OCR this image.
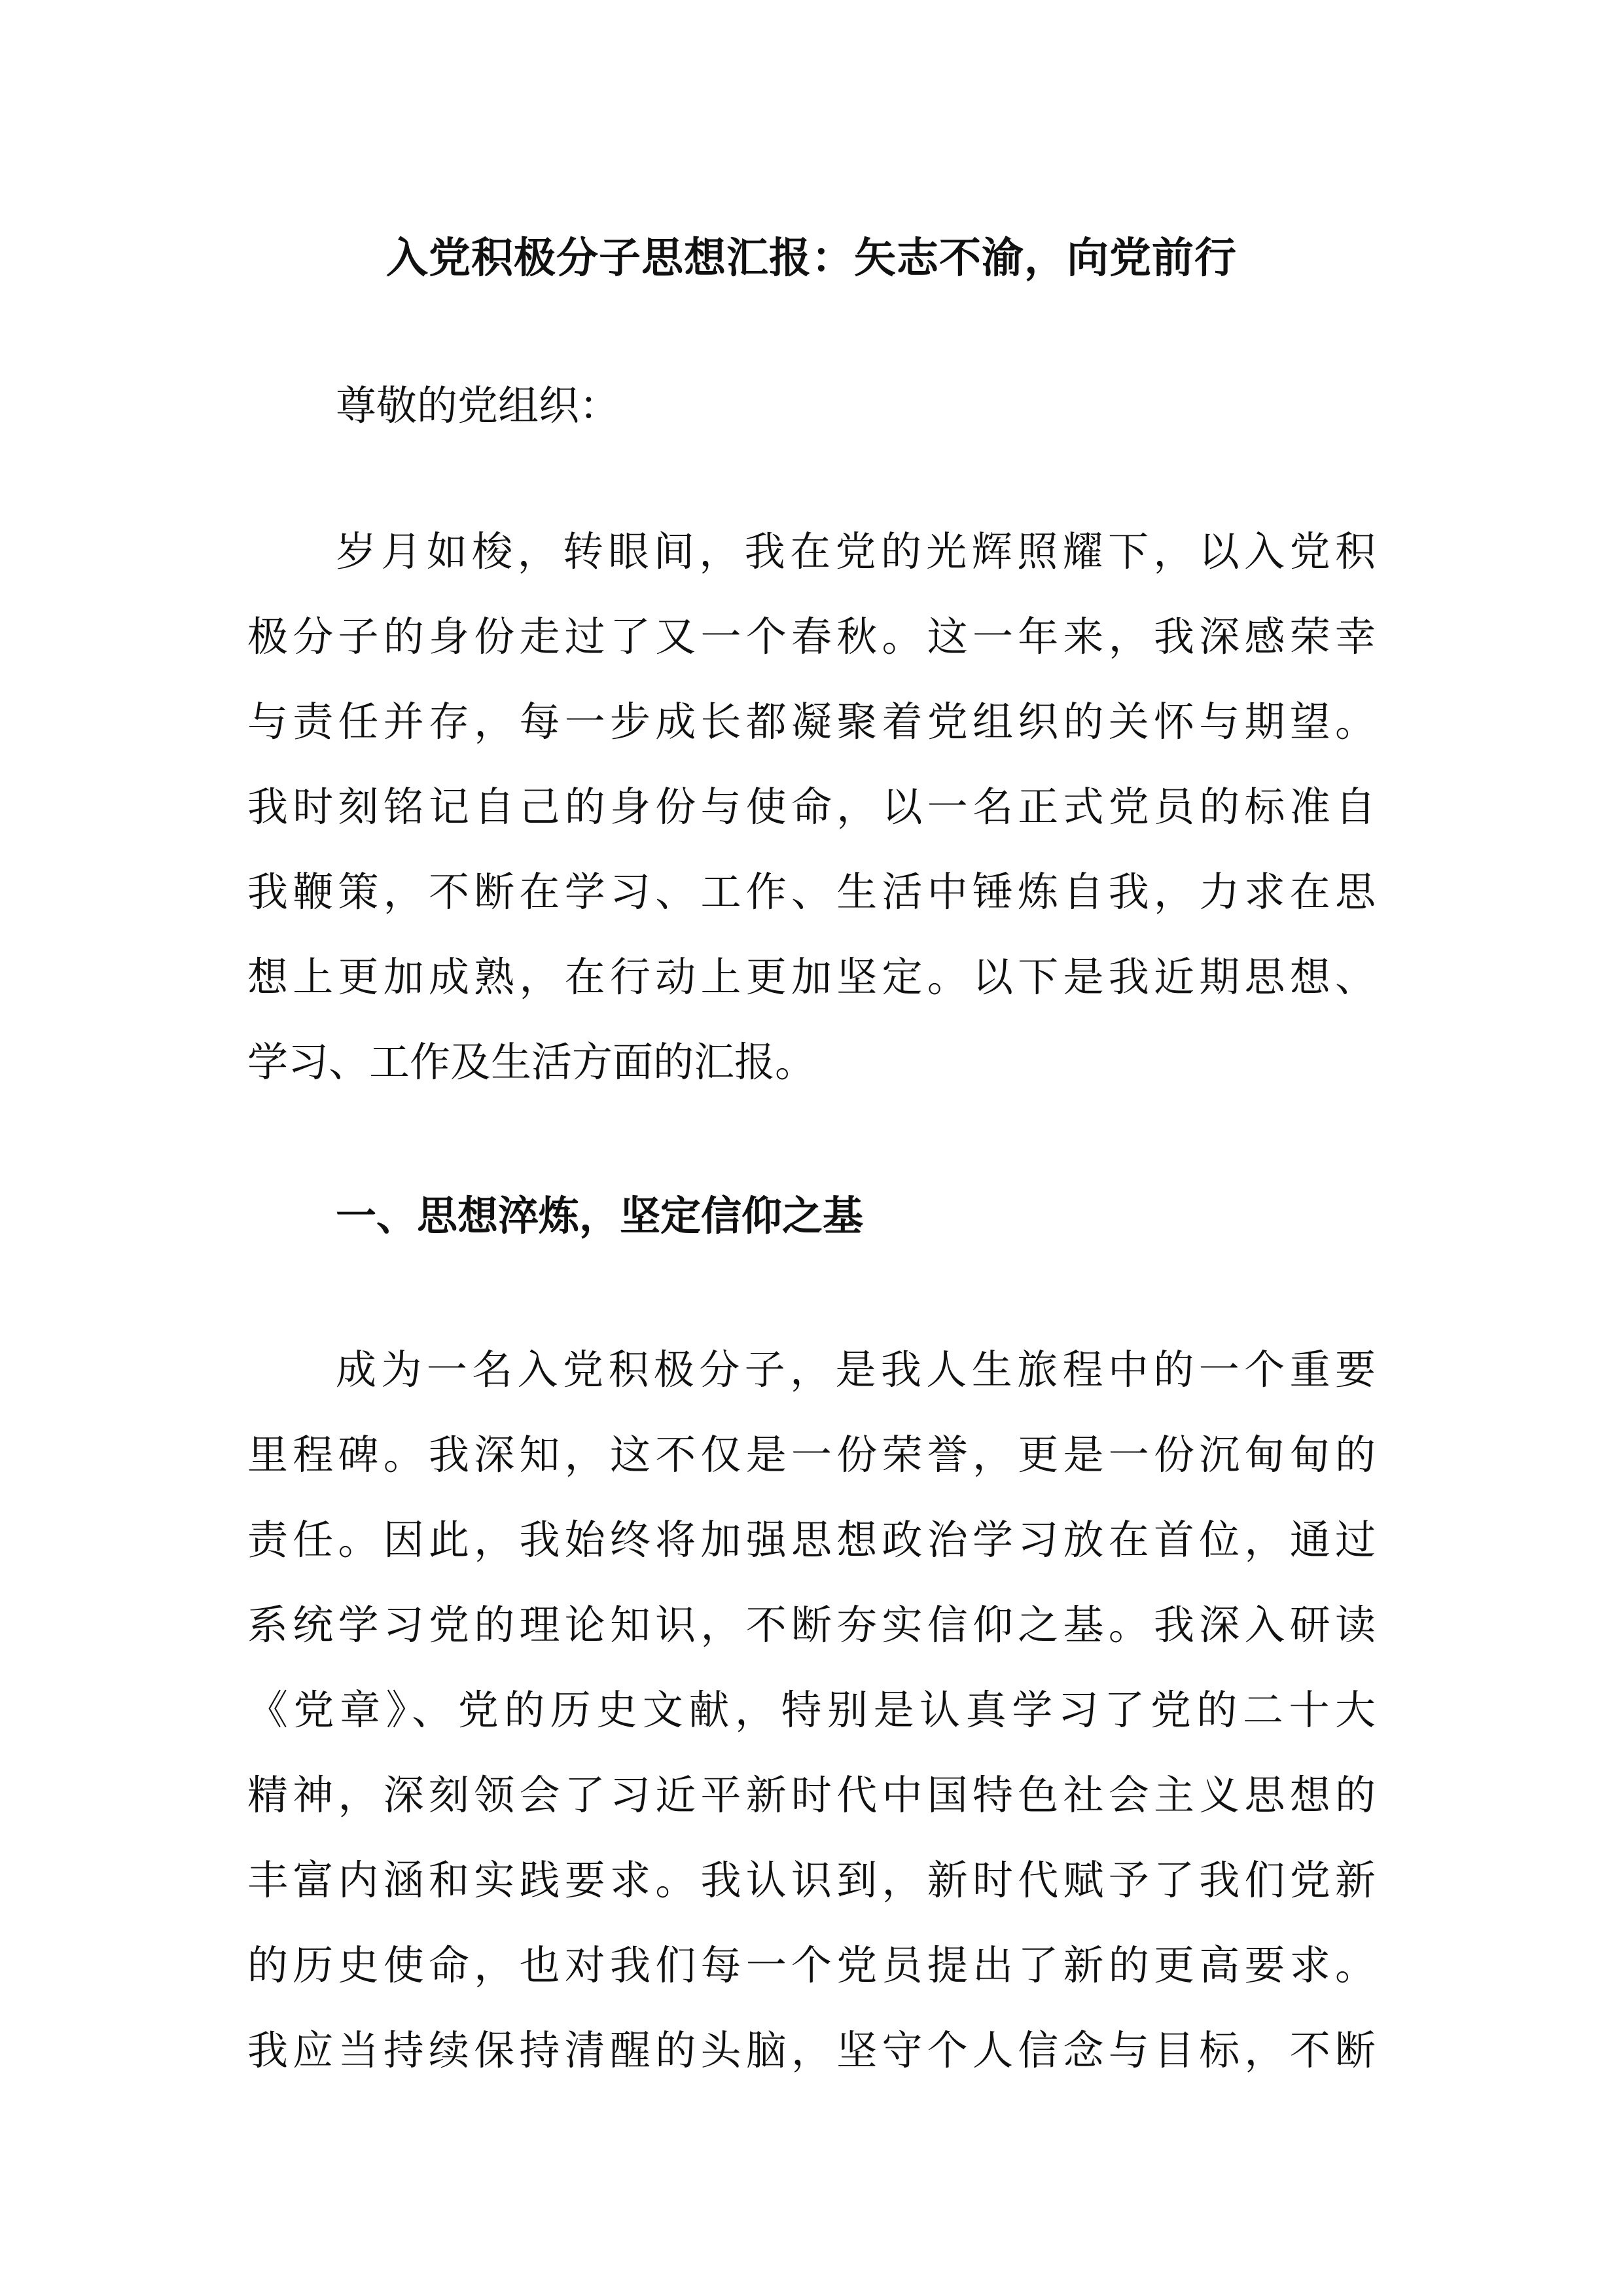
入党积极分子思想汇报：矢志不渝，向党前行
尊敬的党组织：
岁月如梭，转眼间，我在党的光辉照耀下，以入党积
极分子的身份走过了又一个春秋。这一年来，我深感荣幸
与责任并存，每一步成长都凝聚着党组织的关怀与期望。
我时刻铭记自己的身份与使命，以一名正式党员的标准自
我鞭策，不断在学习、工作、生活中锤炼自我，力求在思
想上更加成熟，在行动上更加坚定。以下是我近期思想、
学习、工作及生活方面的汇报。
一、思想淬炼，坚定信仰之基
成为一名入党积极分子，是我人生旅程中的一个重要
里程碑。我深知，这不仅是一份荣誉，更是一份沉甸甸的
责任。因此，我始终将加强思想政治学习放在首位，通过
系统学习党的理论知识，不断夯实信仰之基。我深入研读
《党章》、党的历史文献，特别是认真学习了党的二十大
精神，深刻领会了习近平新时代中国特色社会主义思想的
丰富内涵和实践要求。我认识到，新时代赋予了我们党新
的历史使命，也对我们每一个党员提出了新的更高要求。
我应当持续保持清醒的头脑，坚守个人信念与目标，不断
